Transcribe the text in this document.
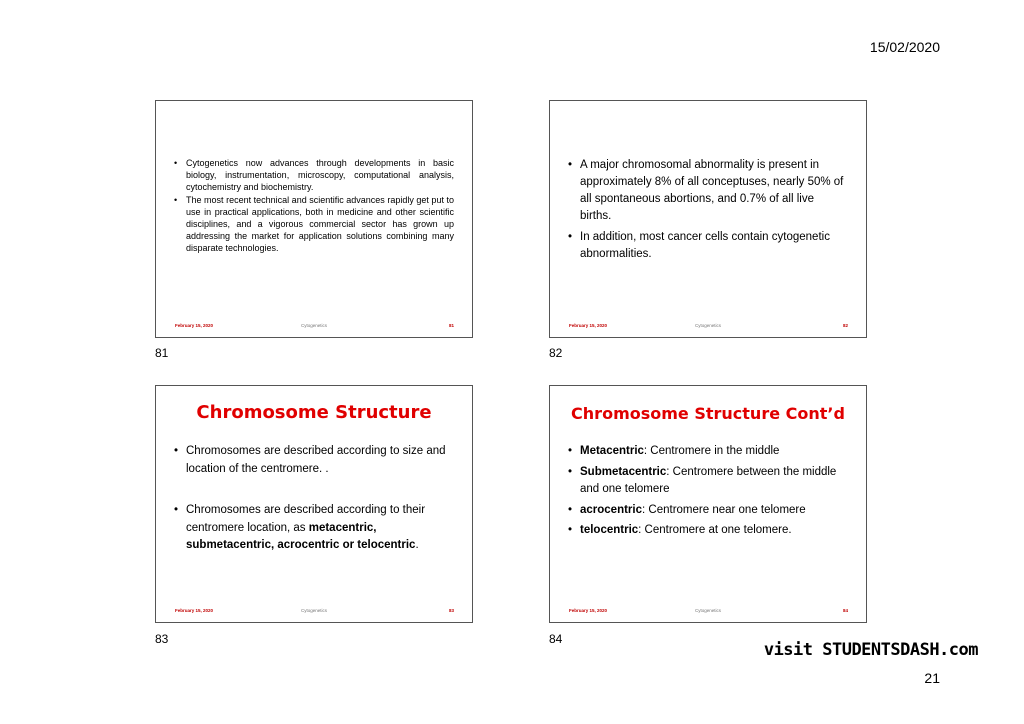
15/02/2020
• Cytogenetics now advances through developments in basic biology, instrumentation, microscopy, computational analysis, cytochemistry and biochemistry.
• The most recent technical and scientific advances rapidly get put to use in practical applications, both in medicine and other scientific disciplines, and a vigorous commercial sector has grown up addressing the market for application solutions combining many disparate technologies.
February 15, 2020	Cytogenetics	81
81
• A major chromosomal abnormality is present in approximately 8% of all conceptuses, nearly 50% of all spontaneous abortions, and 0.7% of all live births.
• In addition, most cancer cells contain cytogenetic abnormalities.
February 15, 2020	Cytogenetics	82
82
Chromosome Structure
• Chromosomes are described according to size and location of the centromere. .
• Chromosomes are described according to their centromere location, as metacentric, submetacentric, acrocentric or telocentric.
February 15, 2020	Cytogenetics	83
83
Chromosome Structure Cont’d
• Metacentric: Centromere in the middle
• Submetacentric: Centromere between the middle and one telomere
• acrocentric: Centromere near one telomere
• telocentric: Centromere at one telomere.
February 15, 2020	Cytogenetics	84
84
visit STUDENTSDASH.com
21
